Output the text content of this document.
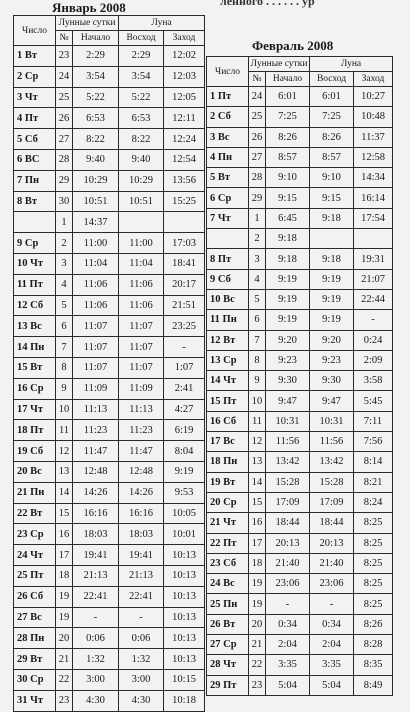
ленного . . . . . . ур
Январь 2008
Число	Лунные сутки		Луна	
	№	Начало	Восход	Заход
1 Вт	23	2:29	2:29	12:02
2 Ср	24	3:54	3:54	12:03
3 Чт	25	5:22	5:22	12:05
4 Пт	26	6:53	6:53	12:11
5 Сб	27	8:22	8:22	12:24
6 ВС	28	9:40	9:40	12:54
7 Пн	29	10:29	10:29	13:56
8 Вт	30	10:51	10:51	15:25
	1	14:37		
9 Ср	2	11:00	11:00	17:03
10 Чт	3	11:04	11:04	18:41
11 Пт	4	11:06	11:06	20:17
12 Сб	5	11:06	11:06	21:51
13 Вс	6	11:07	11:07	23:25
14 Пн	7	11:07	11:07	-
15 Вт	8	11:07	11:07	1:07
16 Ср	9	11:09	11:09	2:41
17 Чт	10	11:13	11:13	4:27
18 Пт	11	11:23	11:23	6:19
19 Сб	12	11:47	11:47	8:04
20 Вс	13	12:48	12:48	9:19
21 Пн	14	14:26	14:26	9:53
22 Вт	15	16:16	16:16	10:05
23 Ср	16	18:03	18:03	10:01
24 Чт	17	19:41	19:41	10:13
25 Пт	18	21:13	21:13	10:13
26 Сб	19	22:41	22:41	10:13
27 Вс	19	-	-	10:13
28 Пн	20	0:06	0:06	10:13
29 Вт	21	1:32	1:32	10:13
30 Ср	22	3:00	3:00	10:15
31 Чт	23	4:30	4:30	10:18
Февраль 2008
Число	Лунные сутки		Луна	
	№	Начало	Восход	Заход
1 Пт	24	6:01	6:01	10:27
2 Сб	25	7:25	7:25	10:48
3 Вс	26	8:26	8:26	11:37
4 Пн	27	8:57	8:57	12:58
5 Вт	28	9:10	9:10	14:34
6 Ср	29	9:15	9:15	16:14
7 Чт	1	6:45	9:18	17:54
	2	9:18		
8 Пт	3	9:18	9:18	19:31
9 Сб	4	9:19	9:19	21:07
10 Вс	5	9:19	9:19	22:44
11 Пн	6	9:19	9:19	-
12 Вт	7	9:20	9:20	0:24
13 Ср	8	9:23	9:23	2:09
14 Чт	9	9:30	9:30	3:58
15 Пт	10	9:47	9:47	5:45
16 Сб	11	10:31	10:31	7:11
17 Вс	12	11:56	11:56	7:56
18 Пн	13	13:42	13:42	8:14
19 Вт	14	15:28	15:28	8:21
20 Ср	15	17:09	17:09	8:24
21 Чт	16	18:44	18:44	8:25
22 Пт	17	20:13	20:13	8:25
23 Сб	18	21:40	21:40	8:25
24 Вс	19	23:06	23:06	8:25
25 Пн	19	-	-	8:25
26 Вт	20	0:34	0:34	8:26
27 Ср	21	2:04	2:04	8:28
28 Чт	22	3:35	3:35	8:35
29 Пт	23	5:04	5:04	8:49
